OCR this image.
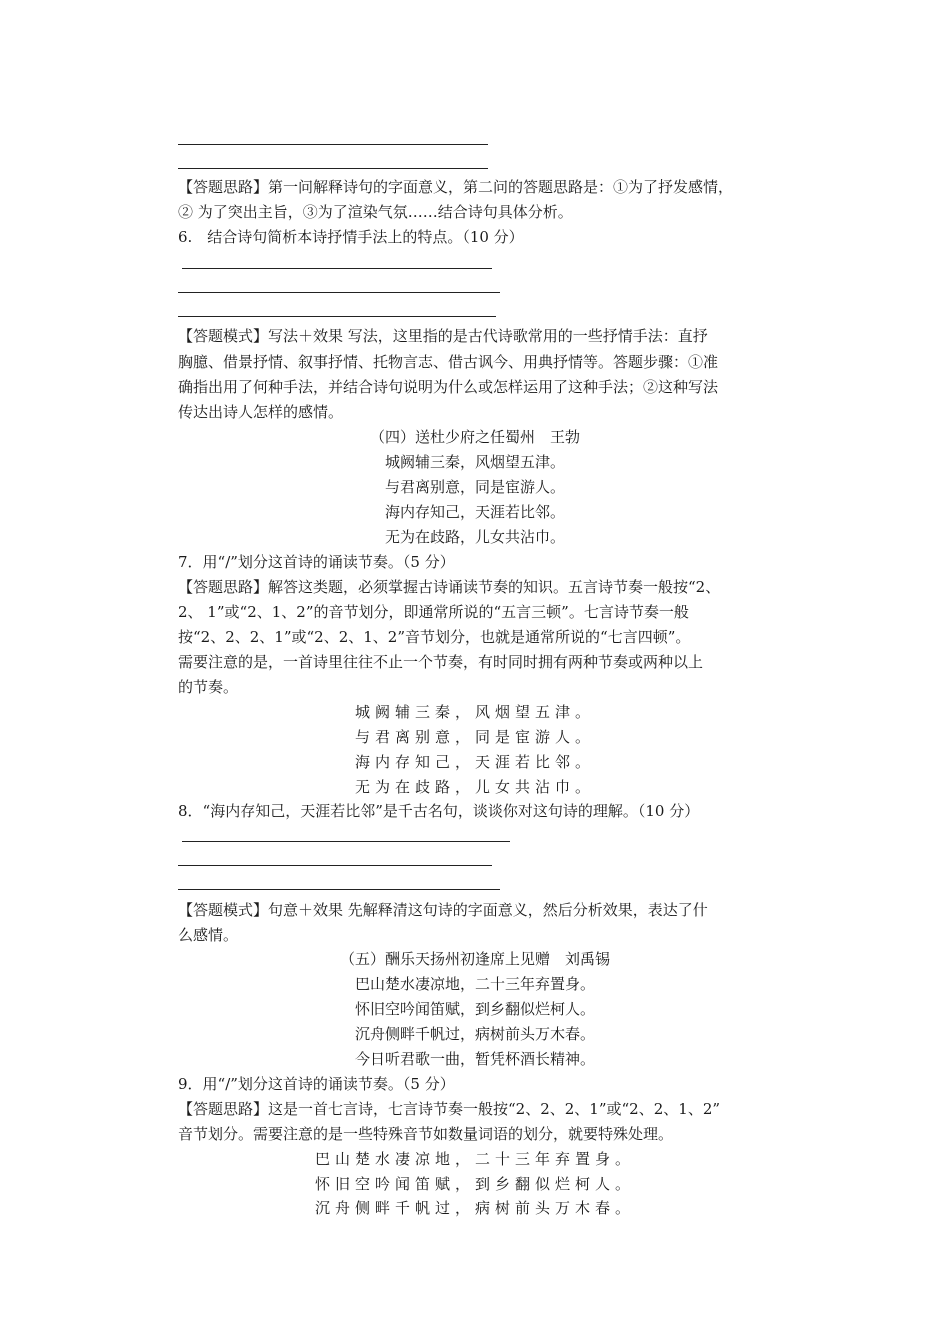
【答题思路】第一问解释诗句的字面意义，第二问的答题思路是：①为了抒发感情，
② 为了突出主旨，③为了渲染气氛……结合诗句具体分析。
6.　结合诗句简析本诗抒情手法上的特点。（10 分）
【答题模式】写法＋效果 写法，这里指的是古代诗歌常用的一些抒情手法：直抒
胸臆、借景抒情、叙事抒情、托物言志、借古讽今、用典抒情等。答题步骤：①准
确指出用了何种手法，并结合诗句说明为什么或怎样运用了这种手法；②这种写法
传达出诗人怎样的感情。
（四）送杜少府之任蜀州　王勃
城阙辅三秦，风烟望五津。
与君离别意，同是宦游人。
海内存知己，天涯若比邻。
无为在歧路，儿女共沾巾。
7．用“/”划分这首诗的诵读节奏。（5 分）
【答题思路】解答这类题，必须掌握古诗诵读节奏的知识。五言诗节奏一般按“2、
2、 1”或“2、1、2”的音节划分，即通常所说的“五言三顿”。七言诗节奏一般
按“2、2、2、1”或“2、2、1、2”音节划分，也就是通常所说的“七言四顿”。
需要注意的是，一首诗里往往不止一个节奏，有时同时拥有两种节奏或两种以上
的节奏。
城阙辅三秦，风烟望五津。
与君离别意，同是宦游人。
海内存知己，天涯若比邻。
无为在歧路，儿女共沾巾。
8．“海内存知己，天涯若比邻”是千古名句，谈谈你对这句诗的理解。（10 分）
【答题模式】句意＋效果 先解释清这句诗的字面意义，然后分析效果，表达了什
么感情。
（五）酬乐天扬州初逢席上见赠　刘禹锡
巴山楚水凄凉地，二十三年弃置身。
怀旧空吟闻笛赋，到乡翻似烂柯人。
沉舟侧畔千帆过，病树前头万木春。
今日听君歌一曲，暂凭杯酒长精神。
9．用“/”划分这首诗的诵读节奏。（5 分）
【答题思路】这是一首七言诗，七言诗节奏一般按“2、2、2、1”或“2、2、1、2”
音节划分。需要注意的是一些特殊音节如数量词语的划分，就要特殊处理。
巴山楚水凄凉地，二十三年弃置身。
怀旧空吟闻笛赋，到乡翻似烂柯人。
沉舟侧畔千帆过，病树前头万木春。
